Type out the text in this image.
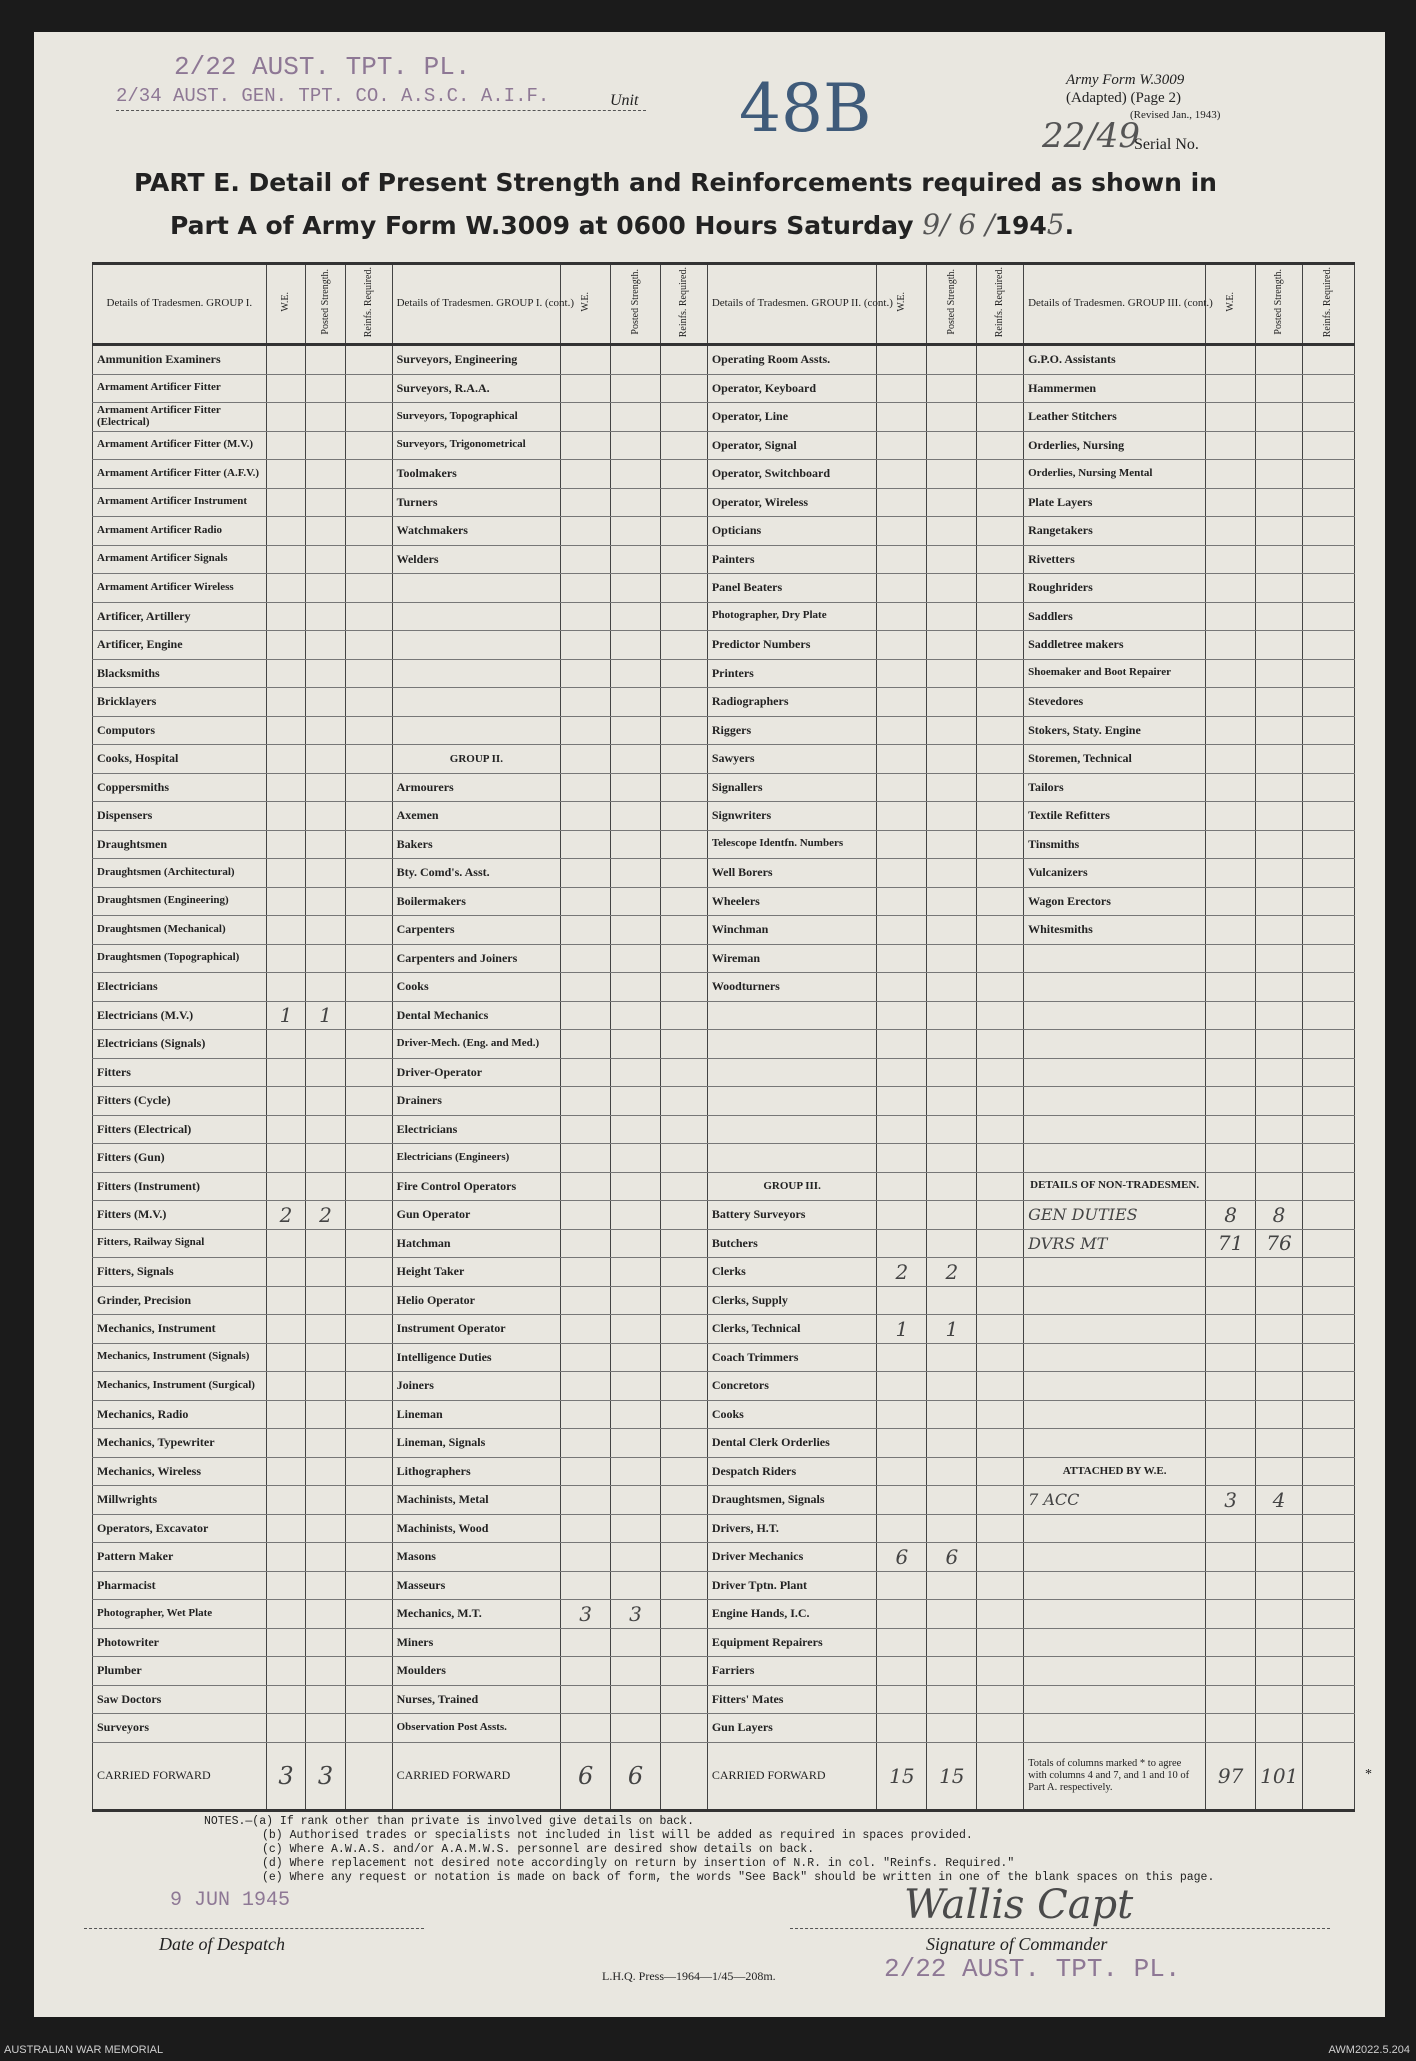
2/22 AUST. TPT. PL.
2/34 AUST. GEN. TPT. CO. A.S.C. A.I.F.	Unit 48B	Army Form W.3009
(Adapted) (Page 2)
(Revised Jan., 1943)
22/49
Serial No.
PART E. Detail of Present Strength and Reinforcements required as shown in
Part A of Army Form W.3009 at 0600 Hours Saturday 9/ 6 /1945.
Details of Tradesmen. GROUP I.	W.E.	Posted Strength.	Reinfs. Required.	Details of Tradesmen. GROUP I. (cont.)	W.E.	Posted Strength.	Reinfs. Required.	Details of Tradesmen. GROUP II. (cont.)	W.E.	Posted Strength.	Reinfs. Required.	Details of Tradesmen. GROUP III. (cont.)	W.E.	Posted Strength.	Reinfs. Required.
Ammunition Examiners				Surveyors, Engineering				Operating Room Assts.				G.P.O. Assistants			
Armament Artificer Fitter				Surveyors, R.A.A.				Operator, Keyboard				Hammermen			
Armament Artificer Fitter (Electrical)				Surveyors, Topographical				Operator, Line				Leather Stitchers			
Armament Artificer Fitter (M.V.)				Surveyors, Trigonometrical				Operator, Signal				Orderlies, Nursing			
Armament Artificer Fitter (A.F.V.)				Toolmakers				Operator, Switchboard				Orderlies, Nursing Mental			
Armament Artificer Instrument				Turners				Operator, Wireless				Plate Layers			
Armament Artificer Radio				Watchmakers				Opticians				Rangetakers			
Armament Artificer Signals				Welders				Painters				Rivetters			
Armament Artificer Wireless								Panel Beaters				Roughriders			
Artificer, Artillery								Photographer, Dry Plate				Saddlers			
Artificer, Engine								Predictor Numbers				Saddletree makers			
Blacksmiths								Printers				Shoemaker and Boot Repairer			
Bricklayers								Radiographers				Stevedores			
Computors								Riggers				Stokers, Staty. Engine			
Cooks, Hospital				GROUP II.				Sawyers				Storemen, Technical			
Coppersmiths				Armourers				Signallers				Tailors			
Dispensers				Axemen				Signwriters				Textile Refitters			
Draughtsmen				Bakers				Telescope Identfn. Numbers				Tinsmiths			
Draughtsmen (Architectural)				Bty. Comd's. Asst.				Well Borers				Vulcanizers			
Draughtsmen (Engineering)				Boilermakers				Wheelers				Wagon Erectors			
Draughtsmen (Mechanical)				Carpenters				Winchman				Whitesmiths			
Draughtsmen (Topographical)				Carpenters and Joiners				Wireman							
Electricians				Cooks				Woodturners							
Electricians (M.V.)	1	1		Dental Mechanics											
Electricians (Signals)				Driver-Mech. (Eng. and Med.)											
Fitters				Driver-Operator											
Fitters (Cycle)				Drainers											
Fitters (Electrical)				Electricians											
Fitters (Gun)				Electricians (Engineers)											
Fitters (Instrument)				Fire Control Operators				GROUP III.				DETAILS OF NON-TRADESMEN.			
Fitters (M.V.)	2	2		Gun Operator				Battery Surveyors				GEN DUTIES	8	8	
Fitters, Railway Signal				Hatchman				Butchers				DVRS MT	71	76	
Fitters, Signals				Height Taker				Clerks	2	2					
Grinder, Precision				Helio Operator				Clerks, Supply							
Mechanics, Instrument				Instrument Operator				Clerks, Technical	1	1					
Mechanics, Instrument (Signals)				Intelligence Duties				Coach Trimmers							
Mechanics, Instrument (Surgical)				Joiners				Concretors							
Mechanics, Radio				Lineman				Cooks							
Mechanics, Typewriter				Lineman, Signals				Dental Clerk Orderlies							
Mechanics, Wireless				Lithographers				Despatch Riders				ATTACHED BY W.E.			
Millwrights				Machinists, Metal				Draughtsmen, Signals				7 ACC	3	4	
Operators, Excavator				Machinists, Wood				Drivers, H.T.							
Pattern Maker				Masons				Driver Mechanics	6	6					
Pharmacist				Masseurs				Driver Tptn. Plant							
Photographer, Wet Plate				Mechanics, M.T.	3	3		Engine Hands, I.C.							
Photowriter				Miners				Equipment Repairers							
Plumber				Moulders				Farriers							
Saw Doctors				Nurses, Trained				Fitters' Mates							
Surveyors				Observation Post Assts.				Gun Layers							
CARRIED FORWARD	3	3		CARRIED FORWARD	6	6		CARRIED FORWARD	15	15		Totals of columns marked * to agree with columns 4 and 7, and 1 and 10 of Part A. respectively.	97	101	*
NOTES.—(a) If rank other than private is involved give details on back.
(b) Authorised trades or specialists not included in list will be added as required in spaces provided.
(c) Where A.W.A.S. and/or A.A.M.W.S. personnel are desired show details on back.
(d) Where replacement not desired note accordingly on return by insertion of N.R. in col. "Reinfs. Required."
(e) Where any request or notation is made on back of form, the words "See Back" should be written in one of the blank spaces on this page.
9 JUN 1945
Date of Despatch
Wallis Capt
Signature of Commander
L.H.Q. Press—1964—1/45—208m.	2/22 AUST. TPT. PL.
AUSTRALIAN WAR MEMORIAL	AWM2022.5.204
